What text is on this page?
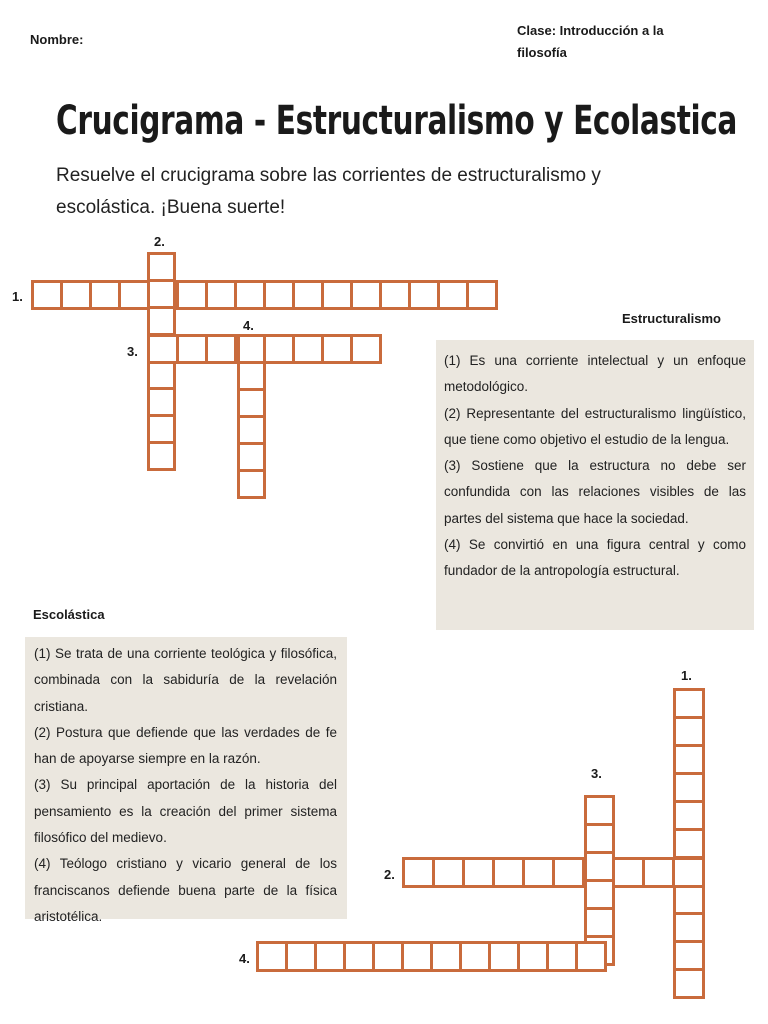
Nombre:
Clase: Introducción a la filosofía
Crucigrama - Estructuralismo y Ecolastica
Resuelve el crucigrama sobre las corrientes de estructuralismo y escolástica. ¡Buena suerte!
1.
2.
3.
4.	Estructuralismo
(1) Es una corriente intelectual y un enfoque metodológico.
(2) Representante del estructuralismo lingüístico, que tiene como objetivo el estudio de la lengua.
(3) Sostiene que la estructura no debe ser confundida con las relaciones visibles de las partes del sistema que hace la sociedad.
(4) Se convirtió en una figura central y como fundador de la antropología estructural.
Escolástica
(1) Se trata de una corriente teológica y filosófica, combinada con la sabiduría de la revelación cristiana.
(2) Postura que defiende que las verdades de fe han de apoyarse siempre en la razón.
(3) Su principal aportación de la historia del pensamiento es la creación del primer sistema filosófico del medievo.
(4) Teólogo cristiano y vicario general de los franciscanos defiende buena parte de la física aristotélica.
1.
2.
3.
4.
